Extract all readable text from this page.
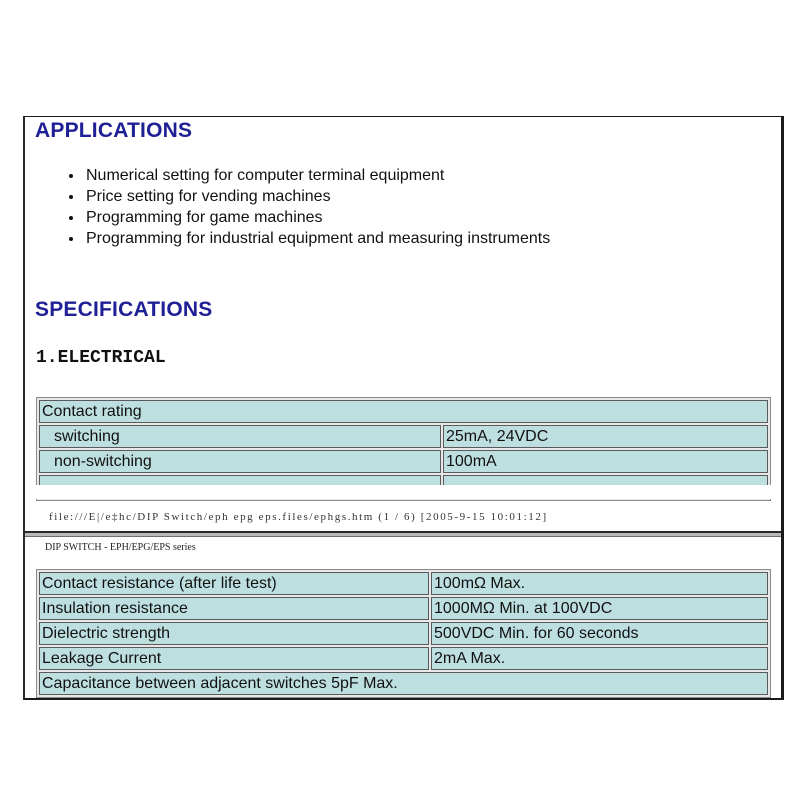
APPLICATIONS
• Numerical setting for computer terminal equipment
• Price setting for vending machines
• Programming for game machines
• Programming for industrial equipment and measuring instruments
SPECIFICATIONS
1.ELECTRICAL
Contact rating	
switching	25mA, 24VDC
non-switching	100mA

file:///E|/e‡hc/DIP Switch/eph epg eps.files/ephgs.htm (1 / 6) [2005-9-15 10:01:12]
DIP SWITCH - EPH/EPG/EPS series
Contact resistance (after life test)	100mΩ Max.
Insulation resistance	1000MΩ Min. at 100VDC
Dielectric strength	500VDC Min. for 60 seconds
Leakage Current	2mA Max.
Capacitance between adjacent switches 5pF Max.	
